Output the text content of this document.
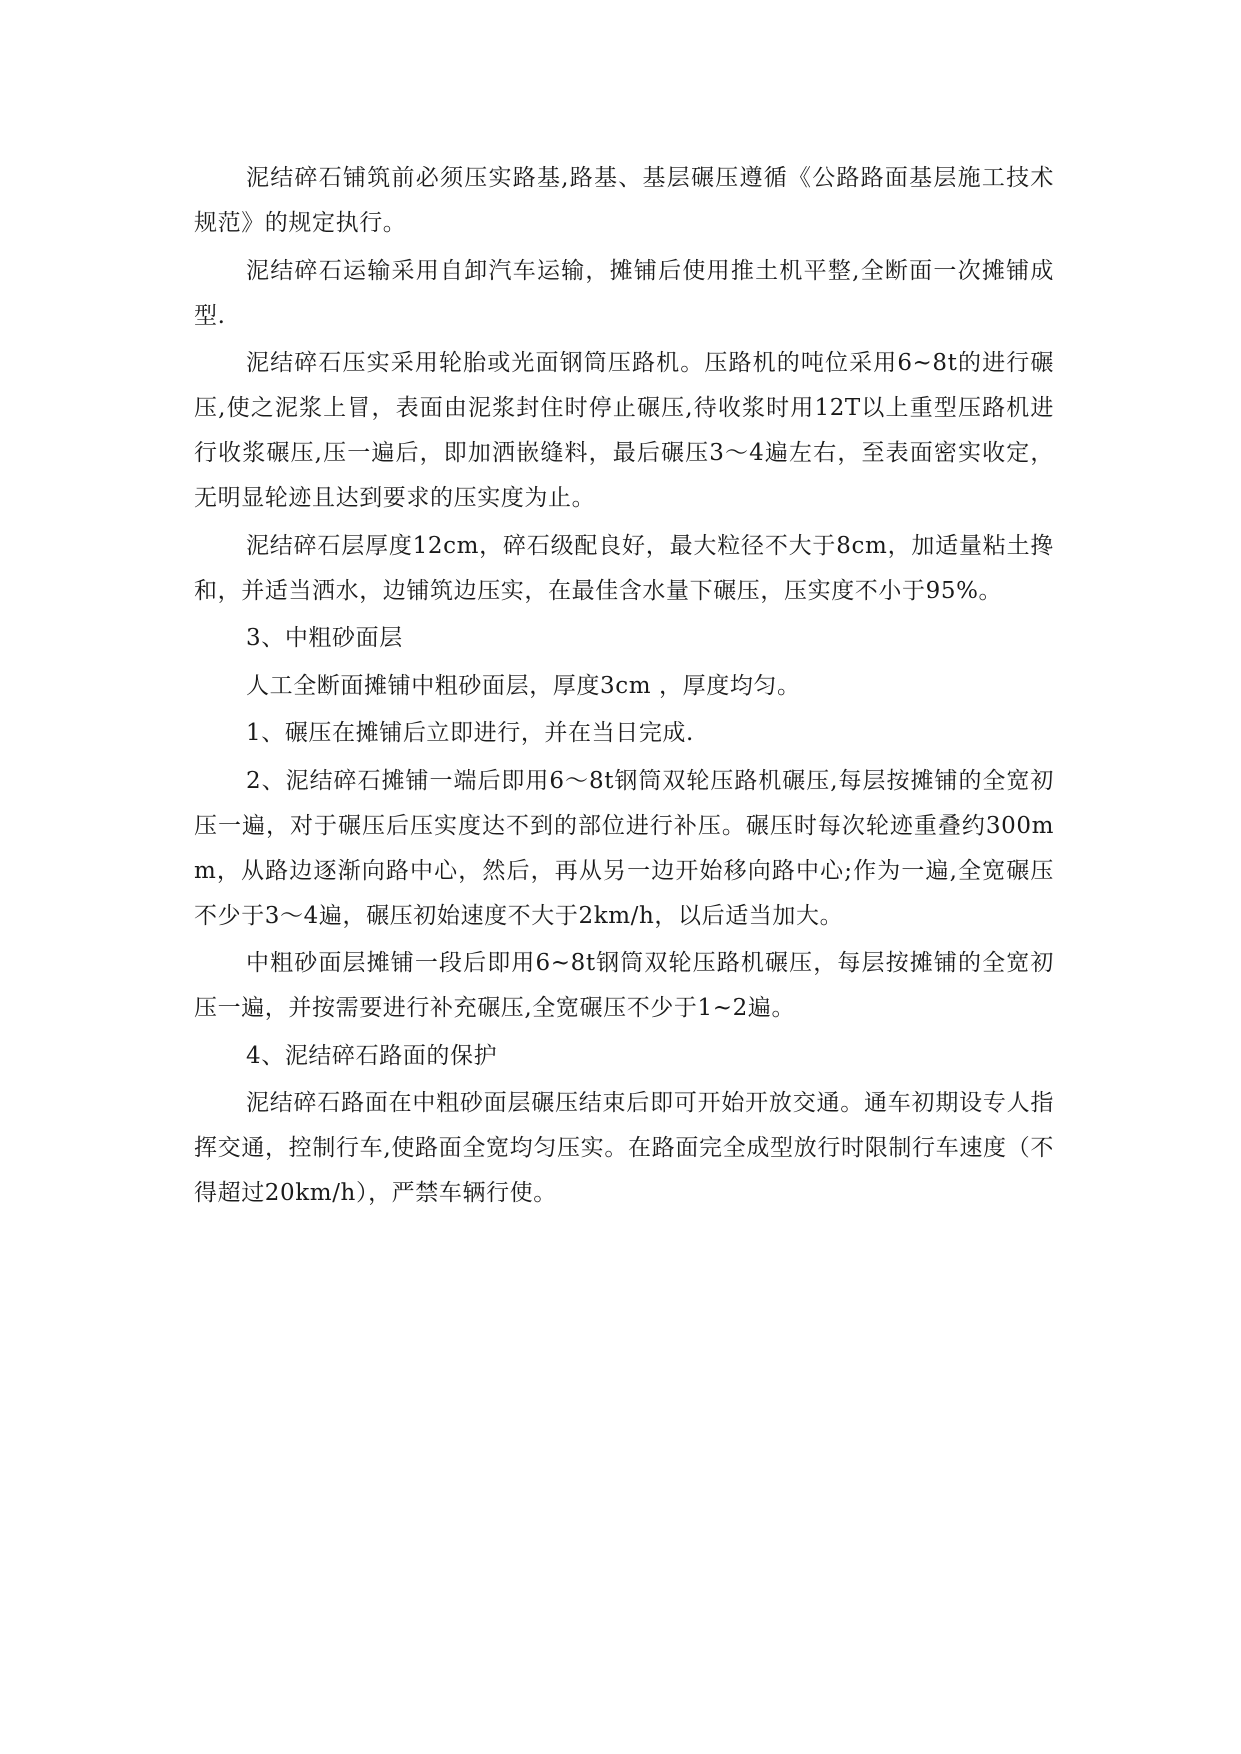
泥结碎石铺筑前必须压实路基,路基、基层碾压遵循《公路路面基层施工技术规范》的规定执行。

泥结碎石运输采用自卸汽车运输，摊铺后使用推土机平整,全断面一次摊铺成型.

泥结碎石压实采用轮胎或光面钢筒压路机。压路机的吨位采用6~8t的进行碾压,使之泥浆上冒，表面由泥浆封住时停止碾压,待收浆时用12T以上重型压路机进行收浆碾压,压一遍后，即加洒嵌缝料，最后碾压3～4遍左右，至表面密实收定，无明显轮迹且达到要求的压实度为止。

泥结碎石层厚度12cm，碎石级配良好，最大粒径不大于8cm，加适量粘土搀和，并适当洒水，边铺筑边压实，在最佳含水量下碾压，压实度不小于95%。

3、中粗砂面层

人工全断面摊铺中粗砂面层，厚度3cm ，厚度均匀。

1、碾压在摊铺后立即进行，并在当日完成.

2、泥结碎石摊铺一端后即用6～8t钢筒双轮压路机碾压,每层按摊铺的全宽初压一遍，对于碾压后压实度达不到的部位进行补压。碾压时每次轮迹重叠约300mm，从路边逐渐向路中心，然后，再从另一边开始移向路中心;作为一遍,全宽碾压不少于3～4遍，碾压初始速度不大于2km/h，以后适当加大。

中粗砂面层摊铺一段后即用6~8t钢筒双轮压路机碾压，每层按摊铺的全宽初压一遍，并按需要进行补充碾压,全宽碾压不少于1~2遍。

4、泥结碎石路面的保护

泥结碎石路面在中粗砂面层碾压结束后即可开始开放交通。通车初期设专人指挥交通，控制行车,使路面全宽均匀压实。在路面完全成型放行时限制行车速度（不得超过20km/h），严禁车辆行使。
